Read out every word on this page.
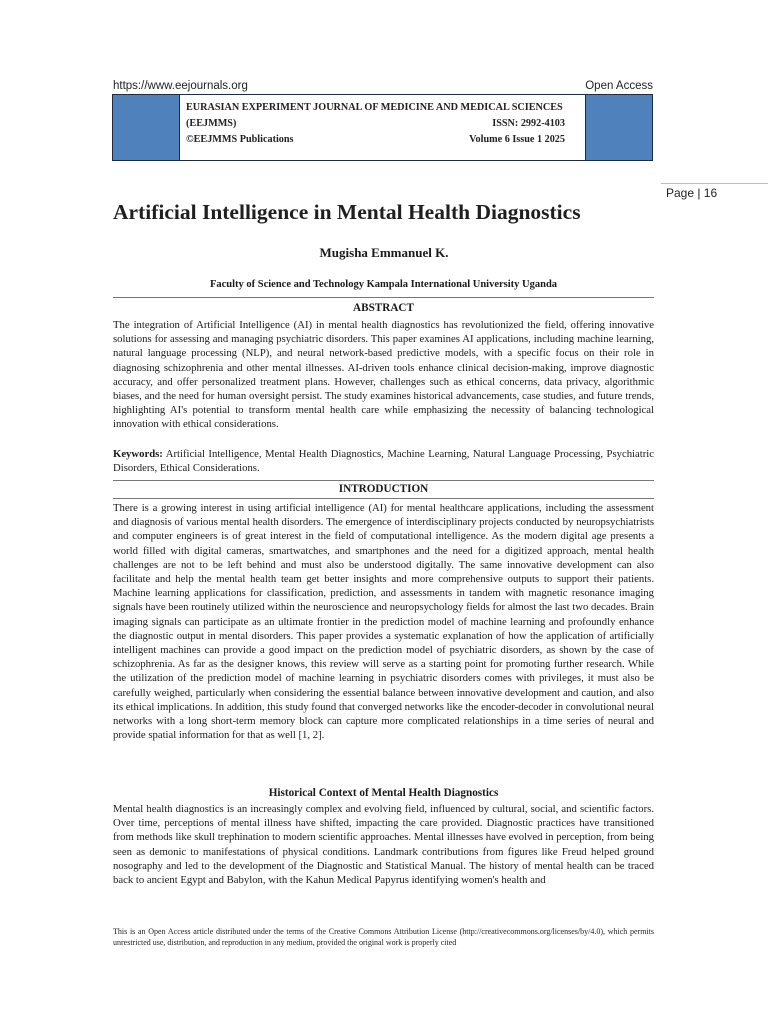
https://www.eejournals.org	Open Access
EURASIAN EXPERIMENT JOURNAL OF MEDICINE AND MEDICAL SCIENCES
(EEJMMS)	ISSN: 2992-4103
©EEJMMS Publications	Volume 6 Issue 1 2025
Page | 16
Artificial Intelligence in Mental Health Diagnostics
Mugisha Emmanuel K.
Faculty of Science and Technology Kampala International University Uganda
ABSTRACT
The integration of Artificial Intelligence (AI) in mental health diagnostics has revolutionized the field, offering innovative solutions for assessing and managing psychiatric disorders. This paper examines AI applications, including machine learning, natural language processing (NLP), and neural network-based predictive models, with a specific focus on their role in diagnosing schizophrenia and other mental illnesses. AI-driven tools enhance clinical decision-making, improve diagnostic accuracy, and offer personalized treatment plans. However, challenges such as ethical concerns, data privacy, algorithmic biases, and the need for human oversight persist. The study examines historical advancements, case studies, and future trends, highlighting AI's potential to transform mental health care while emphasizing the necessity of balancing technological innovation with ethical considerations.
Keywords: Artificial Intelligence, Mental Health Diagnostics, Machine Learning, Natural Language Processing, Psychiatric Disorders, Ethical Considerations.
INTRODUCTION
There is a growing interest in using artificial intelligence (AI) for mental healthcare applications, including the assessment and diagnosis of various mental health disorders. The emergence of interdisciplinary projects conducted by neuropsychiatrists and computer engineers is of great interest in the field of computational intelligence. As the modern digital age presents a world filled with digital cameras, smartwatches, and smartphones and the need for a digitized approach, mental health challenges are not to be left behind and must also be understood digitally. The same innovative development can also facilitate and help the mental health team get better insights and more comprehensive outputs to support their patients. Machine learning applications for classification, prediction, and assessments in tandem with magnetic resonance imaging signals have been routinely utilized within the neuroscience and neuropsychology fields for almost the last two decades. Brain imaging signals can participate as an ultimate frontier in the prediction model of machine learning and profoundly enhance the diagnostic output in mental disorders. This paper provides a systematic explanation of how the application of artificially intelligent machines can provide a good impact on the prediction model of psychiatric disorders, as shown by the case of schizophrenia. As far as the designer knows, this review will serve as a starting point for promoting further research. While the utilization of the prediction model of machine learning in psychiatric disorders comes with privileges, it must also be carefully weighed, particularly when considering the essential balance between innovative development and caution, and also its ethical implications. In addition, this study found that converged networks like the encoder-decoder in convolutional neural networks with a long short-term memory block can capture more complicated relationships in a time series of neural and provide spatial information for that as well [1, 2].
Historical Context of Mental Health Diagnostics
Mental health diagnostics is an increasingly complex and evolving field, influenced by cultural, social, and scientific factors. Over time, perceptions of mental illness have shifted, impacting the care provided. Diagnostic practices have transitioned from methods like skull trephination to modern scientific approaches. Mental illnesses have evolved in perception, from being seen as demonic to manifestations of physical conditions. Landmark contributions from figures like Freud helped ground nosography and led to the development of the Diagnostic and Statistical Manual. The history of mental health can be traced back to ancient Egypt and Babylon, with the Kahun Medical Papyrus identifying women's health and
This is an Open Access article distributed under the terms of the Creative Commons Attribution License (http://creativecommons.org/licenses/by/4.0), which permits unrestricted use, distribution, and reproduction in any medium, provided the original work is properly cited
